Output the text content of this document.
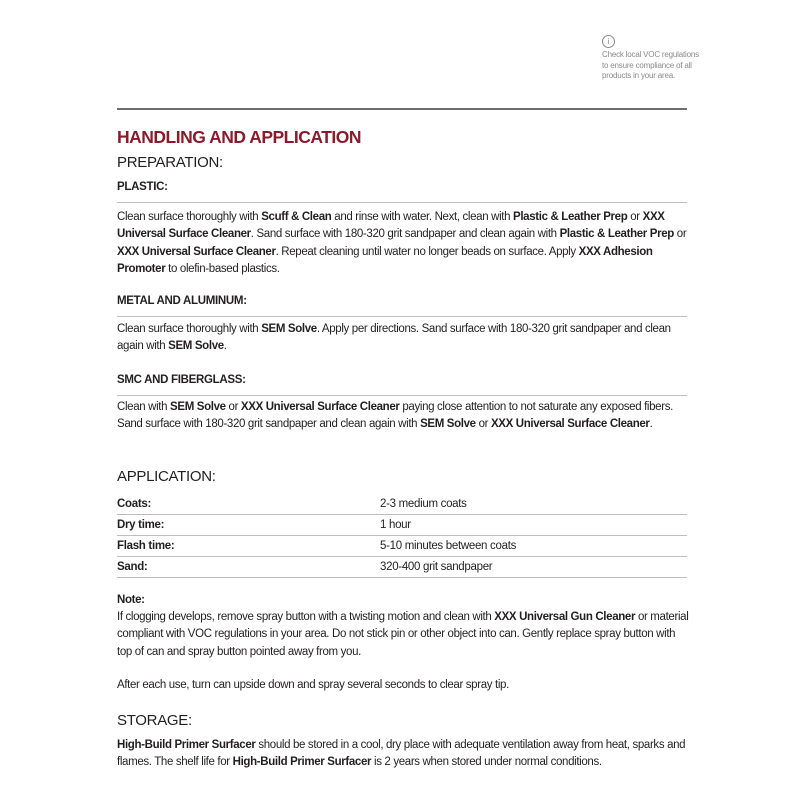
i
Check local VOC regulations to ensure compliance of all products in your area.
HANDLING AND APPLICATION
PREPARATION:
PLASTIC:
Clean surface thoroughly with Scuff & Clean and rinse with water. Next, clean with Plastic & Leather Prep or XXX Universal Surface Cleaner. Sand surface with 180-320 grit sandpaper and clean again with Plastic & Leather Prep or XXX Universal Surface Cleaner. Repeat cleaning until water no longer beads on surface. Apply XXX Adhesion Promoter to olefin-based plastics.
METAL AND ALUMINUM:
Clean surface thoroughly with SEM Solve. Apply per directions. Sand surface with 180-320 grit sandpaper and clean again with SEM Solve.
SMC AND FIBERGLASS:
Clean with SEM Solve or XXX Universal Surface Cleaner paying close attention to not saturate any exposed fibers. Sand surface with 180-320 grit sandpaper and clean again with SEM Solve or XXX Universal Surface Cleaner.
APPLICATION:
Coats:	2-3 medium coats
Dry time:	1 hour
Flash time:	5-10 minutes between coats
Sand:	320-400 grit sandpaper
Note:
If clogging develops, remove spray button with a twisting motion and clean with XXX Universal Gun Cleaner or material compliant with VOC regulations in your area. Do not stick pin or other object into can. Gently replace spray button with top of can and spray button pointed away from you.
After each use, turn can upside down and spray several seconds to clear spray tip.
STORAGE:
High-Build Primer Surfacer should be stored in a cool, dry place with adequate ventilation away from heat, sparks and flames. The shelf life for High-Build Primer Surfacer is 2 years when stored under normal conditions.
